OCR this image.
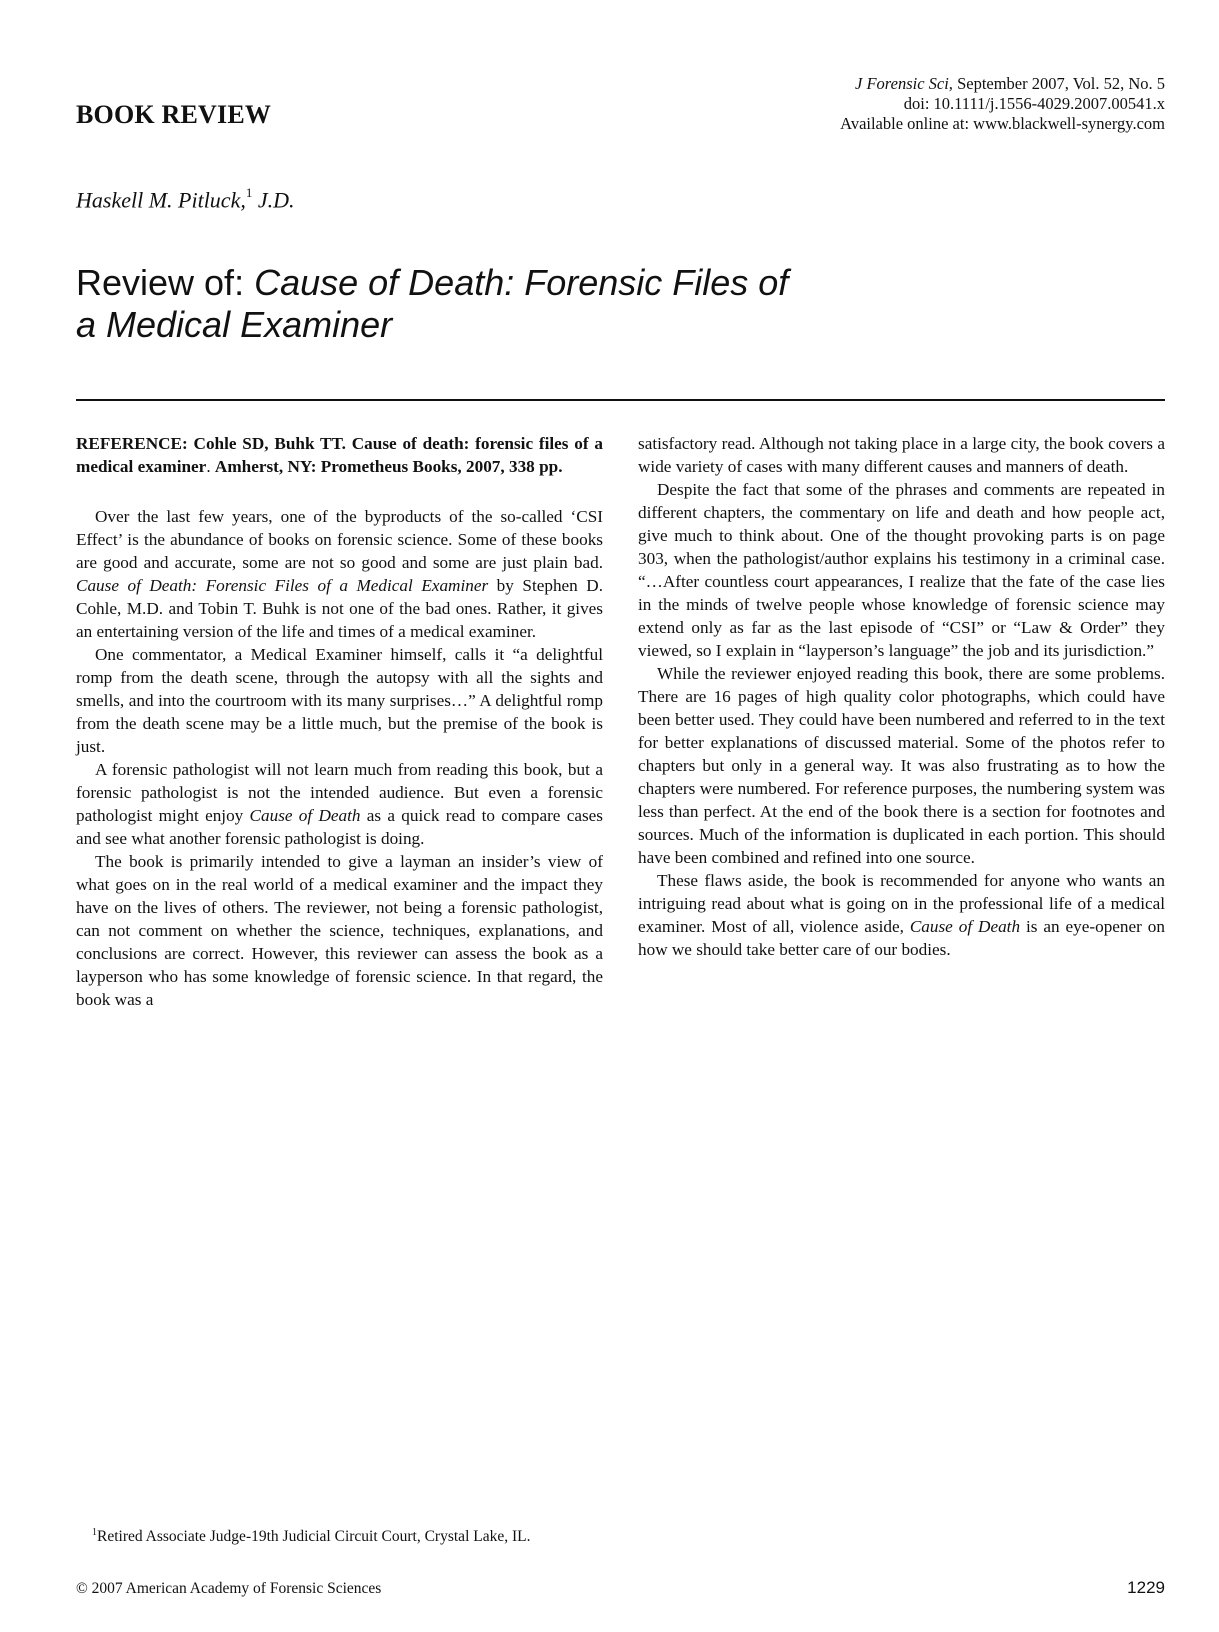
BOOK REVIEW
J Forensic Sci, September 2007, Vol. 52, No. 5
doi: 10.1111/j.1556-4029.2007.00541.x
Available online at: www.blackwell-synergy.com
Haskell M. Pitluck,$^1$ J.D.
Review of: Cause of Death: Forensic Files of
a Medical Examiner

REFERENCE: Cohle SD, Buhk TT. Cause of death: forensic files of a medical examiner. Amherst, NY: Prometheus Books, 2007, 338 pp.

Over the last few years, one of the byproducts of the so-called ‘CSI Effect’ is the abundance of books on forensic science. Some of these books are good and accurate, some are not so good and some are just plain bad. Cause of Death: Forensic Files of a Medical Examiner by Stephen D. Cohle, M.D. and Tobin T. Buhk is not one of the bad ones. Rather, it gives an entertaining version of the life and times of a medical examiner.

One commentator, a Medical Examiner himself, calls it “a delightful romp from the death scene, through the autopsy with all the sights and smells, and into the courtroom with its many surprises…” A delightful romp from the death scene may be a little much, but the premise of the book is just.

A forensic pathologist will not learn much from reading this book, but a forensic pathologist is not the intended audience. But even a forensic pathologist might enjoy Cause of Death as a quick read to compare cases and see what another forensic pathologist is doing.

The book is primarily intended to give a layman an insider’s view of what goes on in the real world of a medical examiner and the impact they have on the lives of others. The reviewer, not being a forensic pathologist, can not comment on whether the science, techniques, explanations, and conclusions are correct. However, this reviewer can assess the book as a layperson who has some knowledge of forensic science. In that regard, the book was a

satisfactory read. Although not taking place in a large city, the book covers a wide variety of cases with many different causes and manners of death.

Despite the fact that some of the phrases and comments are repeated in different chapters, the commentary on life and death and how people act, give much to think about. One of the thought provoking parts is on page 303, when the pathologist/author explains his testimony in a criminal case. “…After countless court appearances, I realize that the fate of the case lies in the minds of twelve people whose knowledge of forensic science may extend only as far as the last episode of “CSI” or “Law & Order” they viewed, so I explain in “layperson’s language” the job and its jurisdiction.”

While the reviewer enjoyed reading this book, there are some problems. There are 16 pages of high quality color photographs, which could have been better used. They could have been numbered and referred to in the text for better explanations of discussed material. Some of the photos refer to chapters but only in a general way. It was also frustrating as to how the chapters were numbered. For reference purposes, the numbering system was less than perfect. At the end of the book there is a section for footnotes and sources. Much of the information is duplicated in each portion. This should have been combined and refined into one source.

These flaws aside, the book is recommended for anyone who wants an intriguing read about what is going on in the professional life of a medical examiner. Most of all, violence aside, Cause of Death is an eye-opener on how we should take better care of our bodies.

$^1$Retired Associate Judge-19th Judicial Circuit Court, Crystal Lake, IL.
© 2007 American Academy of Forensic Sciences	1229
